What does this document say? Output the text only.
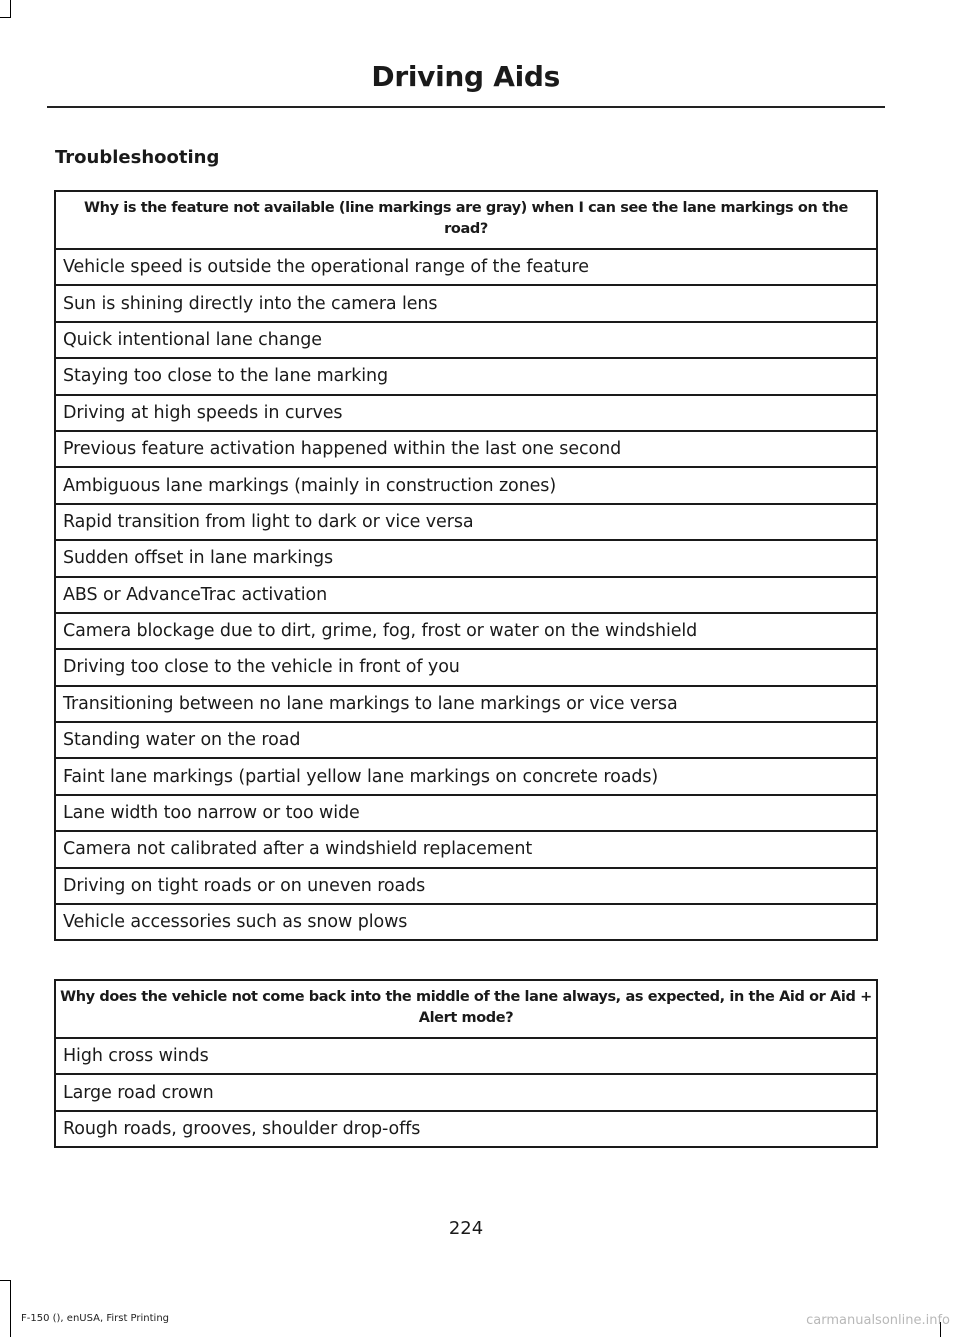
Driving Aids
Troubleshooting
Why is the feature not available (line markings are gray) when I can see the lane markings on the road?
Vehicle speed is outside the operational range of the feature
Sun is shining directly into the camera lens
Quick intentional lane change
Staying too close to the lane marking
Driving at high speeds in curves
Previous feature activation happened within the last one second
Ambiguous lane markings (mainly in construction zones)
Rapid transition from light to dark or vice versa
Sudden offset in lane markings
ABS or AdvanceTrac activation
Camera blockage due to dirt, grime, fog, frost or water on the windshield
Driving too close to the vehicle in front of you
Transitioning between no lane markings to lane markings or vice versa
Standing water on the road
Faint lane markings (partial yellow lane markings on concrete roads)
Lane width too narrow or too wide
Camera not calibrated after a windshield replacement
Driving on tight roads or on uneven roads
Vehicle accessories such as snow plows
Why does the vehicle not come back into the middle of the lane always, as expected, in the Aid or Aid + Alert mode?
High cross winds
Large road crown
Rough roads, grooves, shoulder drop-offs
224
F-150 (), enUSA, First Printing	carmanualsonline.info
